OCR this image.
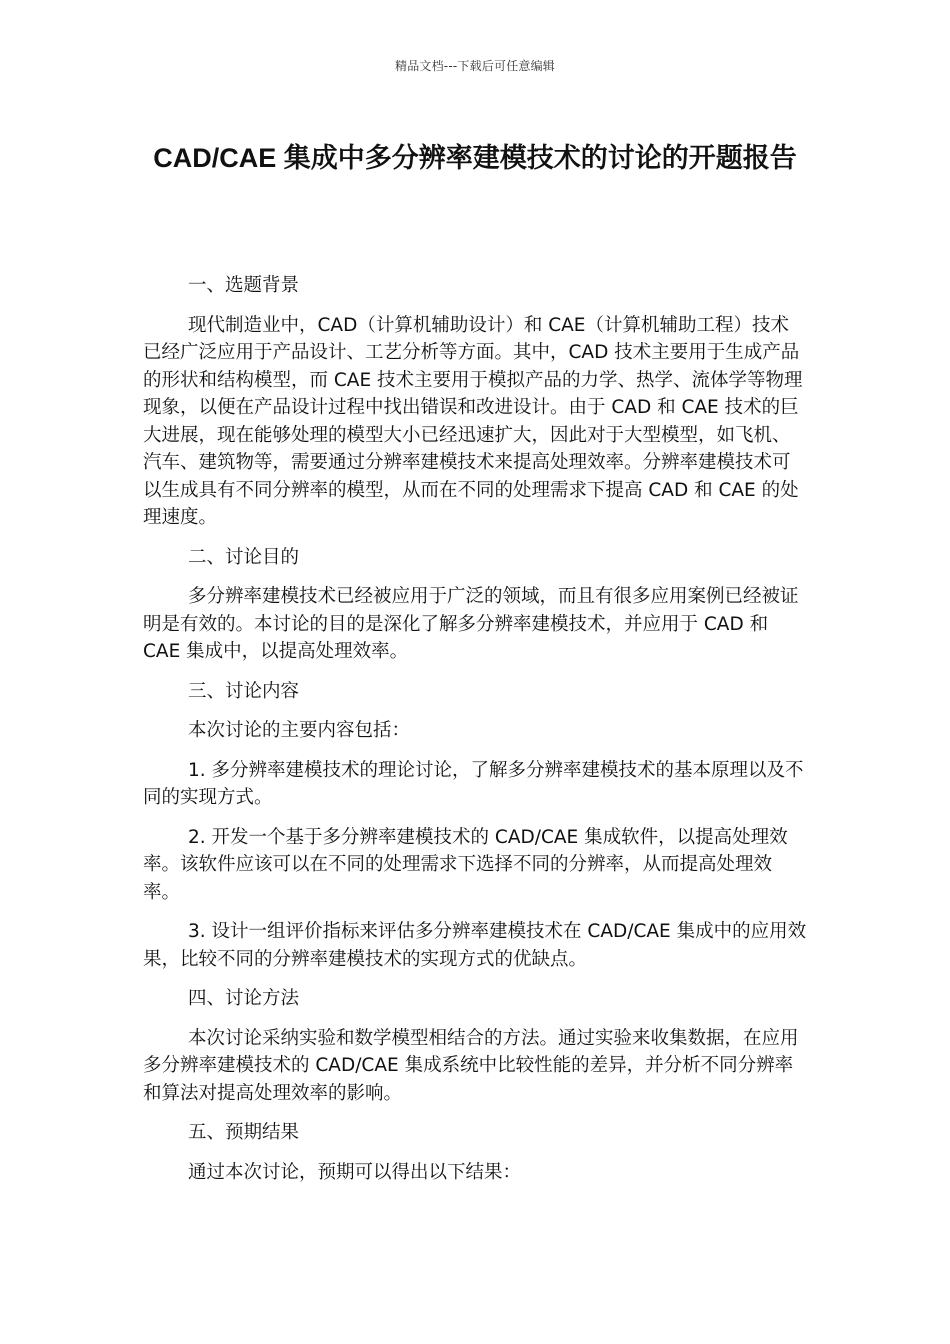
精品文档---下载后可任意编辑
CAD/CAE 集成中多分辨率建模技术的讨论的开题报告

一、选题背景

现代制造业中，CAD（计算机辅助设计）和 CAE（计算机辅助工程）技术已经广泛应用于产品设计、工艺分析等方面。其中，CAD 技术主要用于生成产品的形状和结构模型，而 CAE 技术主要用于模拟产品的力学、热学、流体学等物理现象，以便在产品设计过程中找出错误和改进设计。由于 CAD 和 CAE 技术的巨大进展，现在能够处理的模型大小已经迅速扩大，因此对于大型模型，如飞机、汽车、建筑物等，需要通过分辨率建模技术来提高处理效率。分辨率建模技术可以生成具有不同分辨率的模型，从而在不同的处理需求下提高 CAD 和 CAE 的处理速度。

二、讨论目的

多分辨率建模技术已经被应用于广泛的领域，而且有很多应用案例已经被证明是有效的。本讨论的目的是深化了解多分辨率建模技术，并应用于 CAD 和 CAE 集成中，以提高处理效率。

三、讨论内容

本次讨论的主要内容包括：

1. 多分辨率建模技术的理论讨论，了解多分辨率建模技术的基本原理以及不同的实现方式。

2. 开发一个基于多分辨率建模技术的 CAD/CAE 集成软件，以提高处理效率。该软件应该可以在不同的处理需求下选择不同的分辨率，从而提高处理效率。

3. 设计一组评价指标来评估多分辨率建模技术在 CAD/CAE 集成中的应用效果，比较不同的分辨率建模技术的实现方式的优缺点。

四、讨论方法

本次讨论采纳实验和数学模型相结合的方法。通过实验来收集数据，在应用多分辨率建模技术的 CAD/CAE 集成系统中比较性能的差异，并分析不同分辨率和算法对提高处理效率的影响。

五、预期结果

通过本次讨论，预期可以得出以下结果：
